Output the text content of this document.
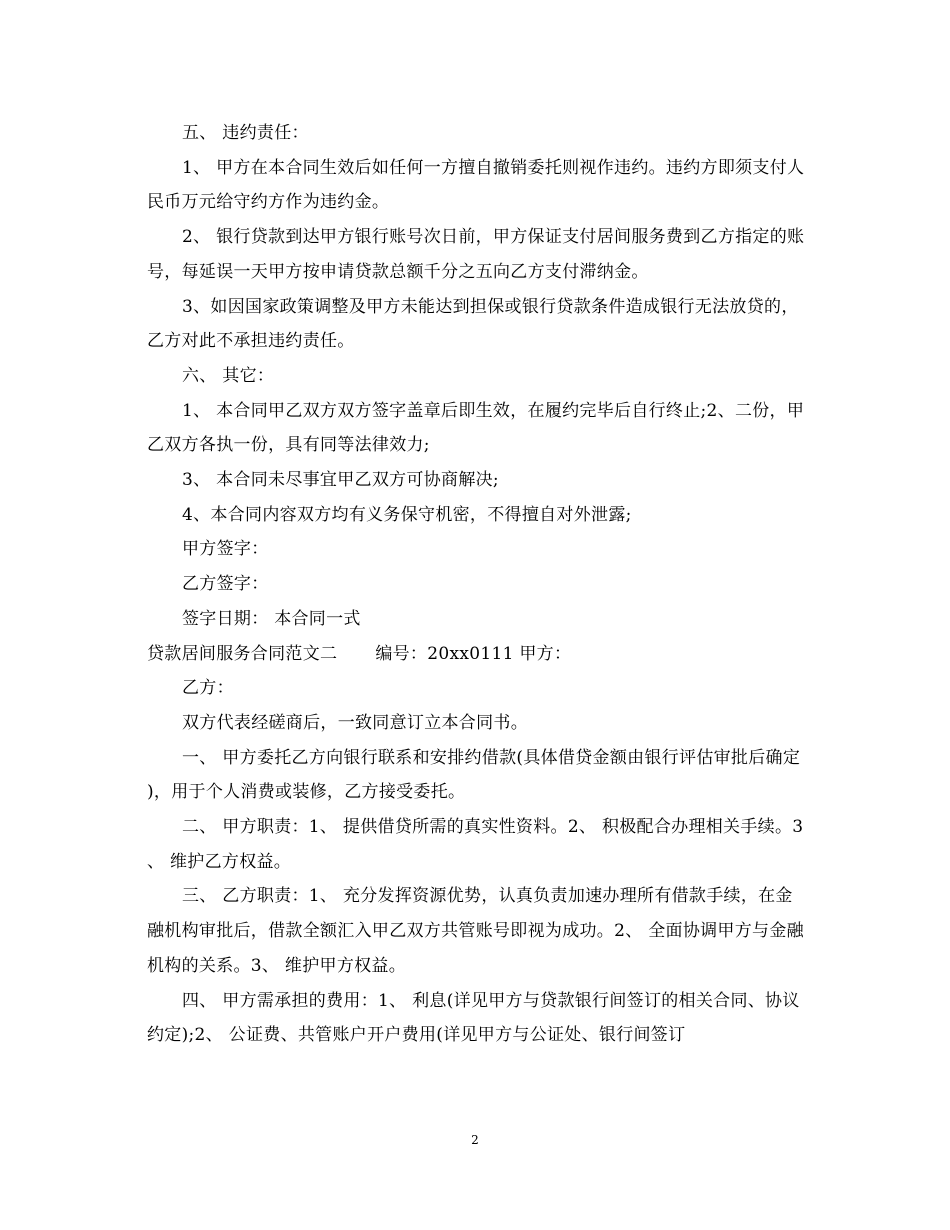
五、 违约责任：

1、 甲方在本合同生效后如任何一方擅自撤销委托则视作违约。违约方即须支付人民币万元给守约方作为违约金。

2、 银行贷款到达甲方银行账号次日前，甲方保证支付居间服务费到乙方指定的账号，每延误一天甲方按申请贷款总额千分之五向乙方支付滞纳金。

3、如因国家政策调整及甲方未能达到担保或银行贷款条件造成银行无法放贷的，乙方对此不承担违约责任。

六、 其它：

1、 本合同甲乙双方双方签字盖章后即生效，在履约完毕后自行终止;2、二份，甲乙双方各执一份，具有同等法律效力;

3、 本合同未尽事宜甲乙双方可协商解决;

4、本合同内容双方均有义务保守机密，不得擅自对外泄露;

甲方签字：

乙方签字：

签字日期： 本合同一式

贷款居间服务合同范文二 编号：20xx0111 甲方：

乙方：

双方代表经磋商后，一致同意订立本合同书。

一、 甲方委托乙方向银行联系和安排约借款(具体借贷金额由银行评估审批后确定)，用于个人消费或装修，乙方接受委托。

二、 甲方职责：1、 提供借贷所需的真实性资料。2、 积极配合办理相关手续。3、 维护乙方权益。

三、 乙方职责：1、 充分发挥资源优势，认真负责加速办理所有借款手续，在金融机构审批后，借款全额汇入甲乙双方共管账号即视为成功。2、 全面协调甲方与金融机构的关系。3、 维护甲方权益。

四、 甲方需承担的费用：1、 利息(详见甲方与贷款银行间签订的相关合同、协议约定);2、 公证费、共管账户开户费用(详见甲方与公证处、银行间签订

2
